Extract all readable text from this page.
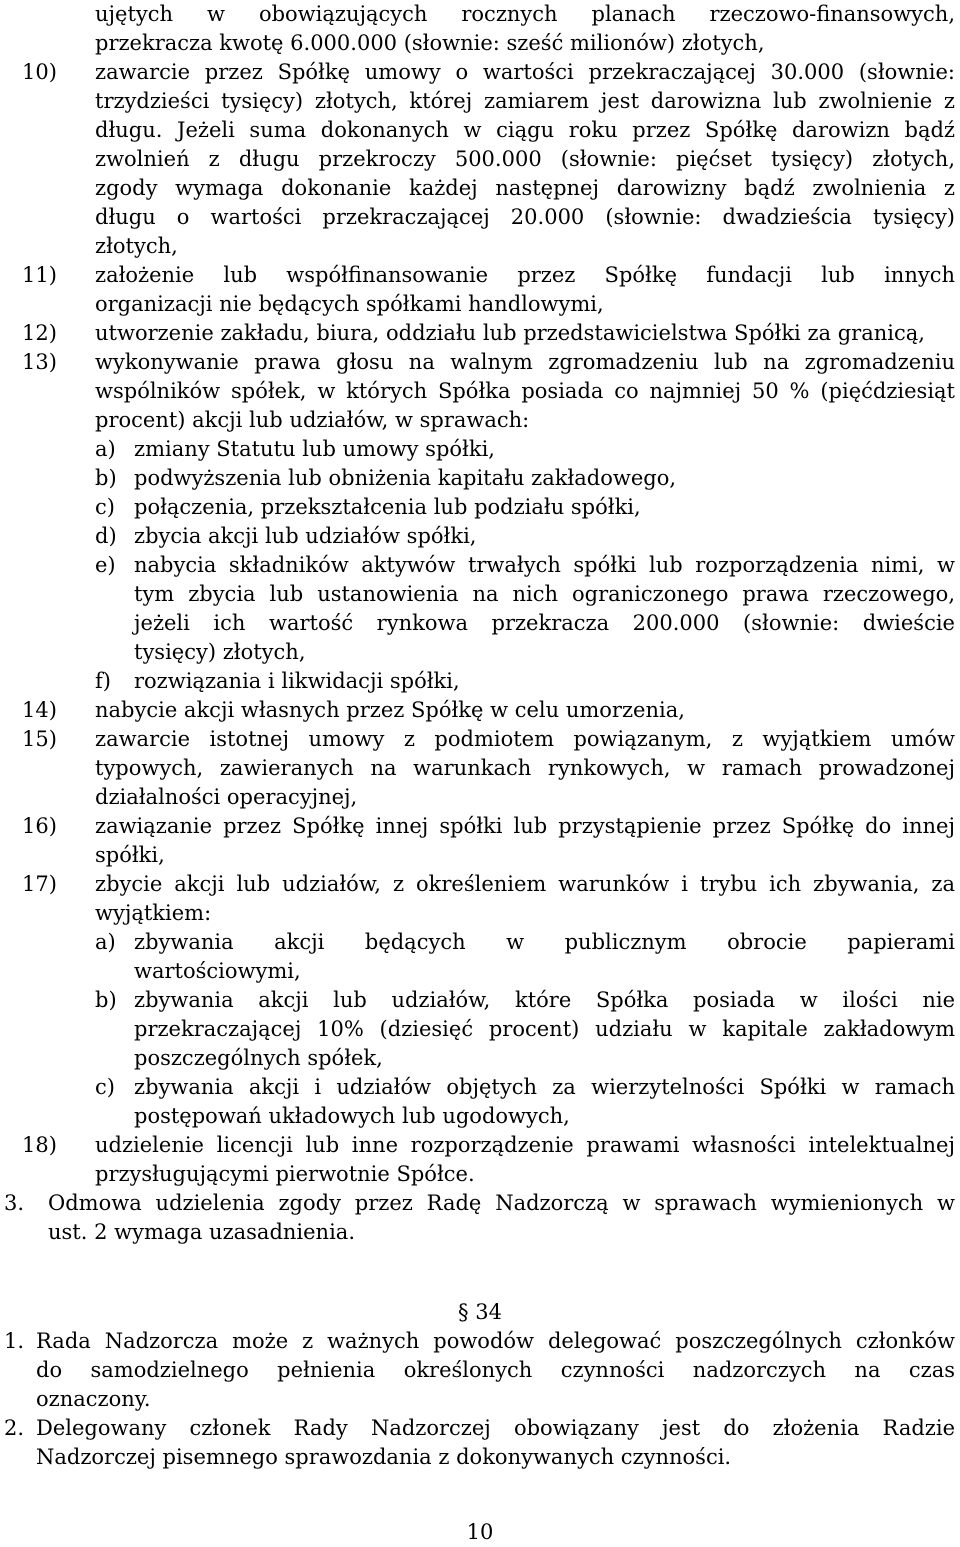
ujętych w obowiązujących rocznych planach rzeczowo-finansowych,
przekracza kwotę 6.000.000 (słownie: sześć milionów) złotych,
10) zawarcie przez Spółkę umowy o wartości przekraczającej 30.000 (słownie:
trzydzieści tysięcy) złotych, której zamiarem jest darowizna lub zwolnienie z
długu. Jeżeli suma dokonanych w ciągu roku przez Spółkę darowizn bądź
zwolnień z długu przekroczy 500.000 (słownie: pięćset tysięcy) złotych,
zgody wymaga dokonanie każdej następnej darowizny bądź zwolnienia z
długu o wartości przekraczającej 20.000 (słownie: dwadzieścia tysięcy)
złotych,
11) założenie lub współfinansowanie przez Spółkę fundacji lub innych
organizacji nie będących spółkami handlowymi,
12) utworzenie zakładu, biura, oddziału lub przedstawicielstwa Spółki za granicą,
13) wykonywanie prawa głosu na walnym zgromadzeniu lub na zgromadzeniu
wspólników spółek, w których Spółka posiada co najmniej 50 % (pięćdziesiąt
procent) akcji lub udziałów, w sprawach:
a) zmiany Statutu lub umowy spółki,
b) podwyższenia lub obniżenia kapitału zakładowego,
c) połączenia, przekształcenia lub podziału spółki,
d) zbycia akcji lub udziałów spółki,
e) nabycia składników aktywów trwałych spółki lub rozporządzenia nimi, w
tym zbycia lub ustanowienia na nich ograniczonego prawa rzeczowego,
jeżeli ich wartość rynkowa przekracza 200.000 (słownie: dwieście
tysięcy) złotych,
f) rozwiązania i likwidacji spółki,
14) nabycie akcji własnych przez Spółkę w celu umorzenia,
15) zawarcie istotnej umowy z podmiotem powiązanym, z wyjątkiem umów
typowych, zawieranych na warunkach rynkowych, w ramach prowadzonej
działalności operacyjnej,
16) zawiązanie przez Spółkę innej spółki lub przystąpienie przez Spółkę do innej
spółki,
17) zbycie akcji lub udziałów, z określeniem warunków i trybu ich zbywania, za
wyjątkiem:
a) zbywania akcji będących w publicznym obrocie papierami
wartościowymi,
b) zbywania akcji lub udziałów, które Spółka posiada w ilości nie
przekraczającej 10% (dziesięć procent) udziału w kapitale zakładowym
poszczególnych spółek,
c) zbywania akcji i udziałów objętych za wierzytelności Spółki w ramach
postępowań układowych lub ugodowych,
18) udzielenie licencji lub inne rozporządzenie prawami własności intelektualnej
przysługującymi pierwotnie Spółce.
3. Odmowa udzielenia zgody przez Radę Nadzorczą w sprawach wymienionych w
ust. 2 wymaga uzasadnienia.
§ 34
1. Rada Nadzorcza może z ważnych powodów delegować poszczególnych członków
do samodzielnego pełnienia określonych czynności nadzorczych na czas
oznaczony.
2. Delegowany członek Rady Nadzorczej obowiązany jest do złożenia Radzie
Nadzorczej pisemnego sprawozdania z dokonywanych czynności.
10
